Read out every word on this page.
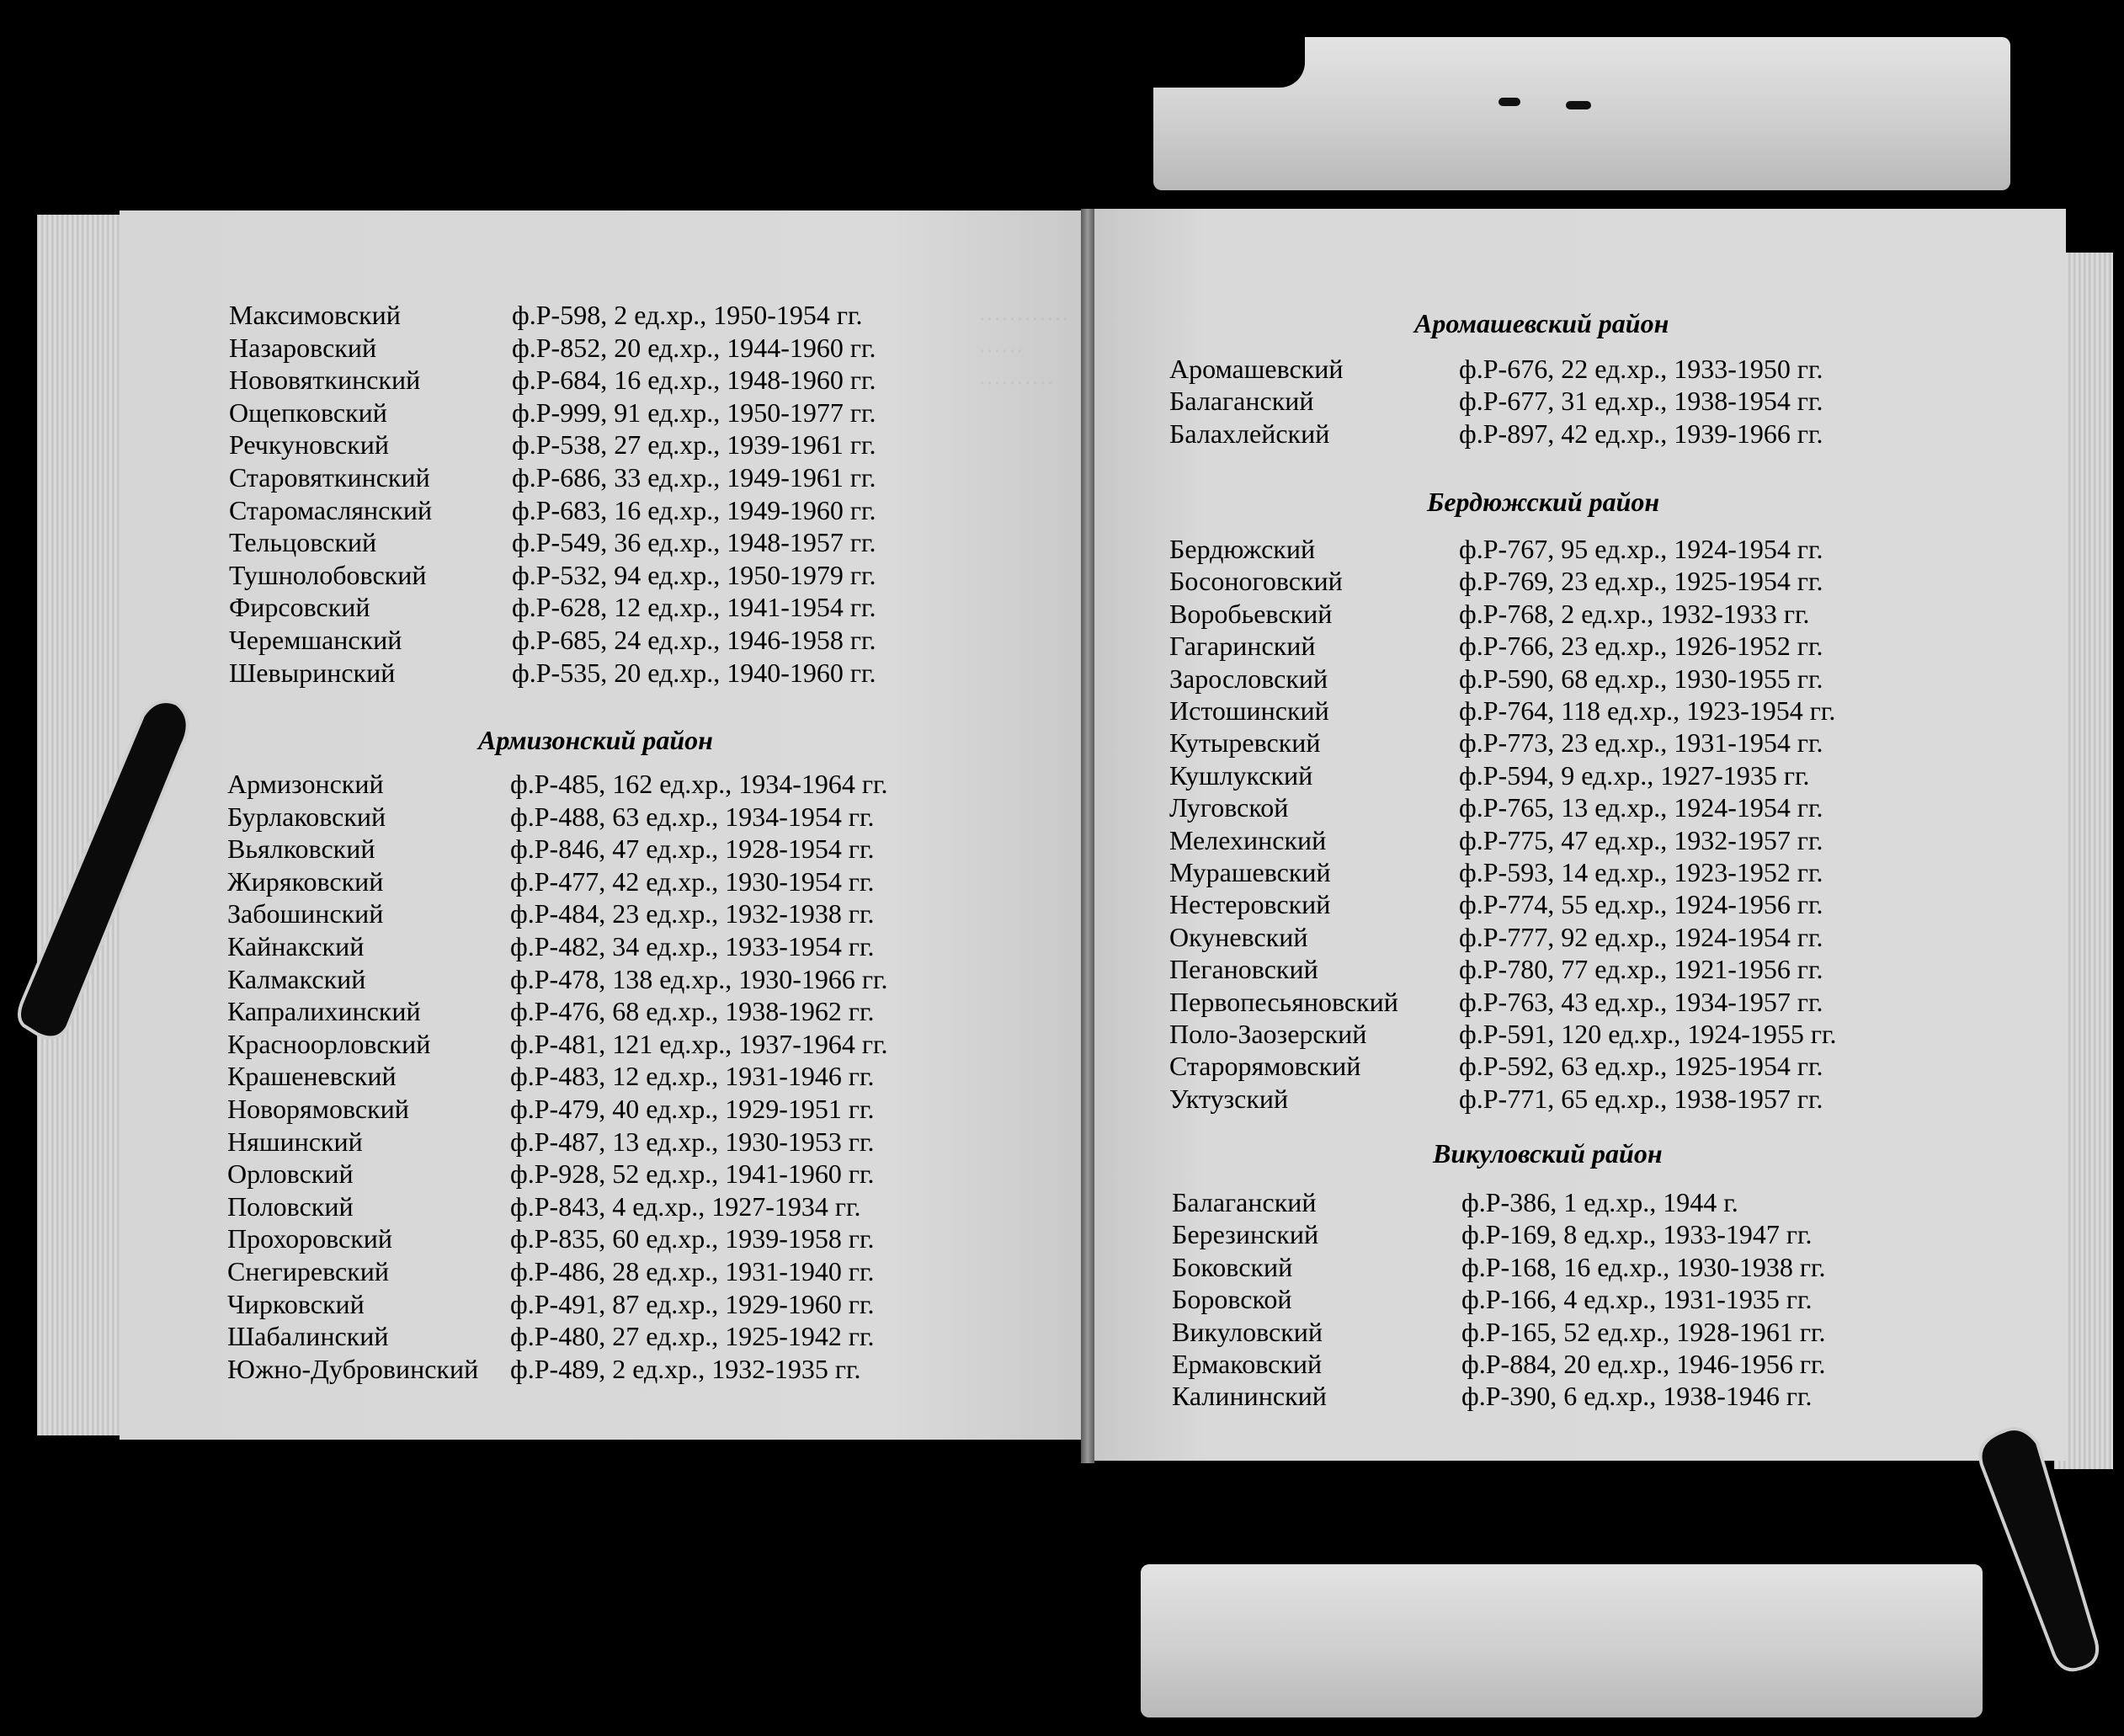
············
······
··········
Максимовский	ф.Р-598, 2 ед.хр., 1950-1954 гг.
Назаровский	ф.Р-852, 20 ед.хр., 1944-1960 гг.
Нововяткинский	ф.Р-684, 16 ед.хр., 1948-1960 гг.
Ощепковский	ф.Р-999, 91 ед.хр., 1950-1977 гг.
Речкуновский	ф.Р-538, 27 ед.хр., 1939-1961 гг.
Старовяткинский	ф.Р-686, 33 ед.хр., 1949-1961 гг.
Старомаслянский	ф.Р-683, 16 ед.хр., 1949-1960 гг.
Тельцовский	ф.Р-549, 36 ед.хр., 1948-1957 гг.
Тушнолобовский	ф.Р-532, 94 ед.хр., 1950-1979 гг.
Фирсовский	ф.Р-628, 12 ед.хр., 1941-1954 гг.
Черемшанский	ф.Р-685, 24 ед.хр., 1946-1958 гг.
Шевыринский	ф.Р-535, 20 ед.хр., 1940-1960 гг.
Армизонский район
Армизонский	ф.Р-485, 162 ед.хр., 1934-1964 гг.
Бурлаковский	ф.Р-488, 63 ед.хр., 1934-1954 гг.
Вьялковский	ф.Р-846, 47 ед.хр., 1928-1954 гг.
Жиряковский	ф.Р-477, 42 ед.хр., 1930-1954 гг.
Забошинский	ф.Р-484, 23 ед.хр., 1932-1938 гг.
Кайнакский	ф.Р-482, 34 ед.хр., 1933-1954 гг.
Калмакский	ф.Р-478, 138 ед.хр., 1930-1966 гг.
Капралихинский	ф.Р-476, 68 ед.хр., 1938-1962 гг.
Красноорловский	ф.Р-481, 121 ед.хр., 1937-1964 гг.
Крашеневский	ф.Р-483, 12 ед.хр., 1931-1946 гг.
Новорямовский	ф.Р-479, 40 ед.хр., 1929-1951 гг.
Няшинский	ф.Р-487, 13 ед.хр., 1930-1953 гг.
Орловский	ф.Р-928, 52 ед.хр., 1941-1960 гг.
Половский	ф.Р-843, 4 ед.хр., 1927-1934 гг.
Прохоровский	ф.Р-835, 60 ед.хр., 1939-1958 гг.
Снегиревский	ф.Р-486, 28 ед.хр., 1931-1940 гг.
Чирковский	ф.Р-491, 87 ед.хр., 1929-1960 гг.
Шабалинский	ф.Р-480, 27 ед.хр., 1925-1942 гг.
Южно-Дубровинский ф.Р-489, 2 ед.хр., 1932-1935 гг.
206
Аромашевский район
Аромашевский	ф.Р-676, 22 ед.хр., 1933-1950 гг.
Балаганский	ф.Р-677, 31 ед.хр., 1938-1954 гг.
Балахлейский	ф.Р-897, 42 ед.хр., 1939-1966 гг.
Бердюжский район
Бердюжский	ф.Р-767, 95 ед.хр., 1924-1954 гг.
Босоноговский	ф.Р-769, 23 ед.хр., 1925-1954 гг.
Воробьевский	ф.Р-768, 2 ед.хр., 1932-1933 гг.
Гагаринский	ф.Р-766, 23 ед.хр., 1926-1952 гг.
Зарословский	ф.Р-590, 68 ед.хр., 1930-1955 гг.
Истошинский	ф.Р-764, 118 ед.хр., 1923-1954 гг.
Кутыревский	ф.Р-773, 23 ед.хр., 1931-1954 гг.
Кушлукский	ф.Р-594, 9 ед.хр., 1927-1935 гг.
Луговской	ф.Р-765, 13 ед.хр., 1924-1954 гг.
Мелехинский	ф.Р-775, 47 ед.хр., 1932-1957 гг.
Мурашевский	ф.Р-593, 14 ед.хр., 1923-1952 гг.
Нестеровский	ф.Р-774, 55 ед.хр., 1924-1956 гг.
Окуневский	ф.Р-777, 92 ед.хр., 1924-1954 гг.
Пегановский	ф.Р-780, 77 ед.хр., 1921-1956 гг.
Первопесьяновский ф.Р-763, 43 ед.хр., 1934-1957 гг.
Поло-Заозерский	ф.Р-591, 120 ед.хр., 1924-1955 гг.
Старорямовский	ф.Р-592, 63 ед.хр., 1925-1954 гг.
Уктузский	ф.Р-771, 65 ед.хр., 1938-1957 гг.
Викуловский район
Балаганский	ф.Р-386, 1 ед.хр., 1944 г.
Березинский	ф.Р-169, 8 ед.хр., 1933-1947 гг.
Боковский	ф.Р-168, 16 ед.хр., 1930-1938 гг.
Боровской	ф.Р-166, 4 ед.хр., 1931-1935 гг.
Викуловский	ф.Р-165, 52 ед.хр., 1928-1961 гг.
Ермаковский	ф.Р-884, 20 ед.хр., 1946-1956 гг.
Калининский	ф.Р-390, 6 ед.хр., 1938-1946 гг.
207
